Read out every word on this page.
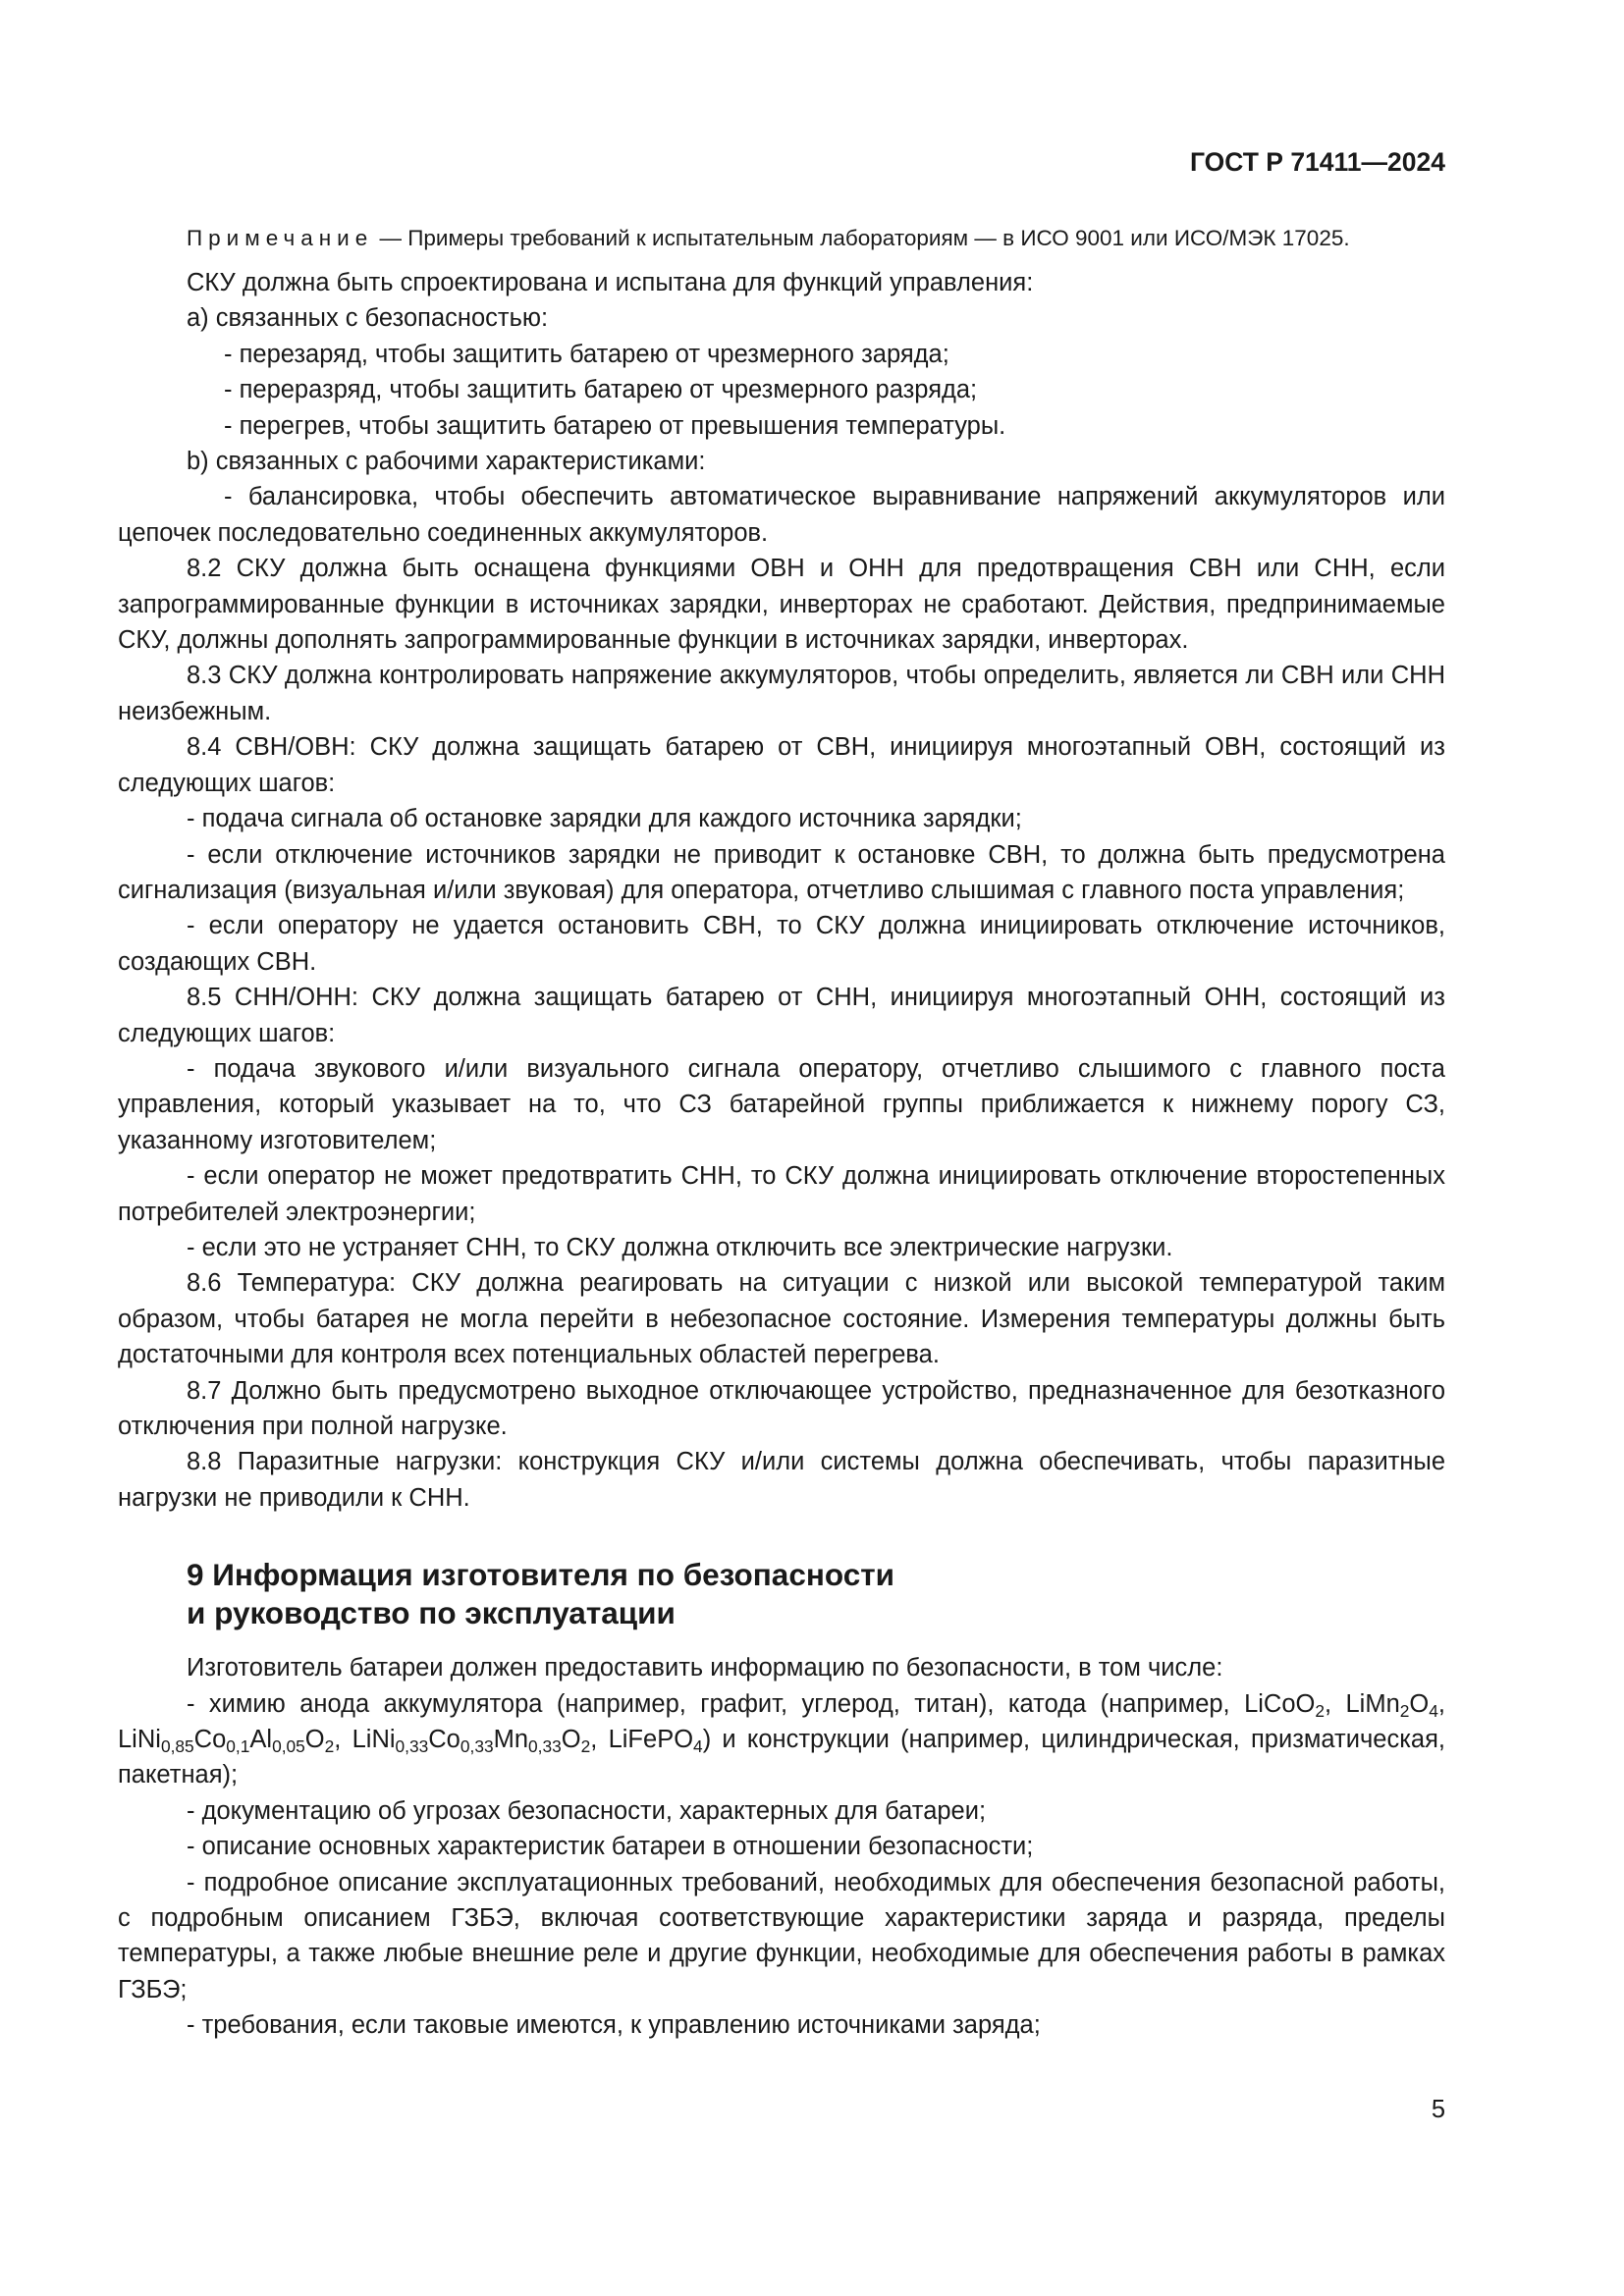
ГОСТ Р 71411—2024

Примечание — Примеры требований к испытательным лабораториям — в ИСО 9001 или ИСО/МЭК 17025.

СКУ должна быть спроектирована и испытана для функций управления:

а) связанных с безопасностью:

- перезаряд, чтобы защитить батарею от чрезмерного заряда;

- переразряд, чтобы защитить батарею от чрезмерного разряда;

- перегрев, чтобы защитить батарею от превышения температуры.

b) связанных с рабочими характеристиками:

- балансировка, чтобы обеспечить автоматическое выравнивание напряжений аккумуляторов или цепочек последовательно соединенных аккумуляторов.

8.2 СКУ должна быть оснащена функциями ОВН и ОНН для предотвращения СВН или СНН, если запрограммированные функции в источниках зарядки, инверторах не сработают. Действия, предпринимаемые СКУ, должны дополнять запрограммированные функции в источниках зарядки, инверторах.

8.3 СКУ должна контролировать напряжение аккумуляторов, чтобы определить, является ли СВН или СНН неизбежным.

8.4 СВН/ОВН: СКУ должна защищать батарею от СВН, инициируя многоэтапный ОВН, состоящий из следующих шагов:

- подача сигнала об остановке зарядки для каждого источника зарядки;

- если отключение источников зарядки не приводит к остановке СВН, то должна быть предусмотрена сигнализация (визуальная и/или звуковая) для оператора, отчетливо слышимая с главного поста управления;

- если оператору не удается остановить СВН, то СКУ должна инициировать отключение источников, создающих СВН.

8.5 СНН/ОНН: СКУ должна защищать батарею от СНН, инициируя многоэтапный ОНН, состоящий из следующих шагов:

- подача звукового и/или визуального сигнала оператору, отчетливо слышимого с главного поста управления, который указывает на то, что СЗ батарейной группы приближается к нижнему порогу СЗ, указанному изготовителем;

- если оператор не может предотвратить СНН, то СКУ должна инициировать отключение второстепенных потребителей электроэнергии;

- если это не устраняет СНН, то СКУ должна отключить все электрические нагрузки.

8.6 Температура: СКУ должна реагировать на ситуации с низкой или высокой температурой таким образом, чтобы батарея не могла перейти в небезопасное состояние. Измерения температуры должны быть достаточными для контроля всех потенциальных областей перегрева.

8.7 Должно быть предусмотрено выходное отключающее устройство, предназначенное для безотказного отключения при полной нагрузке.

8.8 Паразитные нагрузки: конструкция СКУ и/или системы должна обеспечивать, чтобы паразитные нагрузки не приводили к СНН.

9 Информация изготовителя по безопасности
и руководство по эксплуатации

Изготовитель батареи должен предоставить информацию по безопасности, в том числе:

- химию анода аккумулятора (например, графит, углерод, титан), катода (например, LiCoO$_2$, $LiMn_2O_4$, $LiNi_{0,85}Co_{0,1}Al_{0,05}O_2$, $LiNi_{0,33}Co_{0,33}Mn_{0,33}O_2$, LiFePO$_4$) и конструкции (например, цилиндрическая, призматическая, пакетная);

- документацию об угрозах безопасности, характерных для батареи;

- описание основных характеристик батареи в отношении безопасности;

- подробное описание эксплуатационных требований, необходимых для обеспечения безопасной работы, с подробным описанием ГЗБЭ, включая соответствующие характеристики заряда и разряда, пределы температуры, а также любые внешние реле и другие функции, необходимые для обеспечения работы в рамках ГЗБЭ;

- требования, если таковые имеются, к управлению источниками заряда;

5
